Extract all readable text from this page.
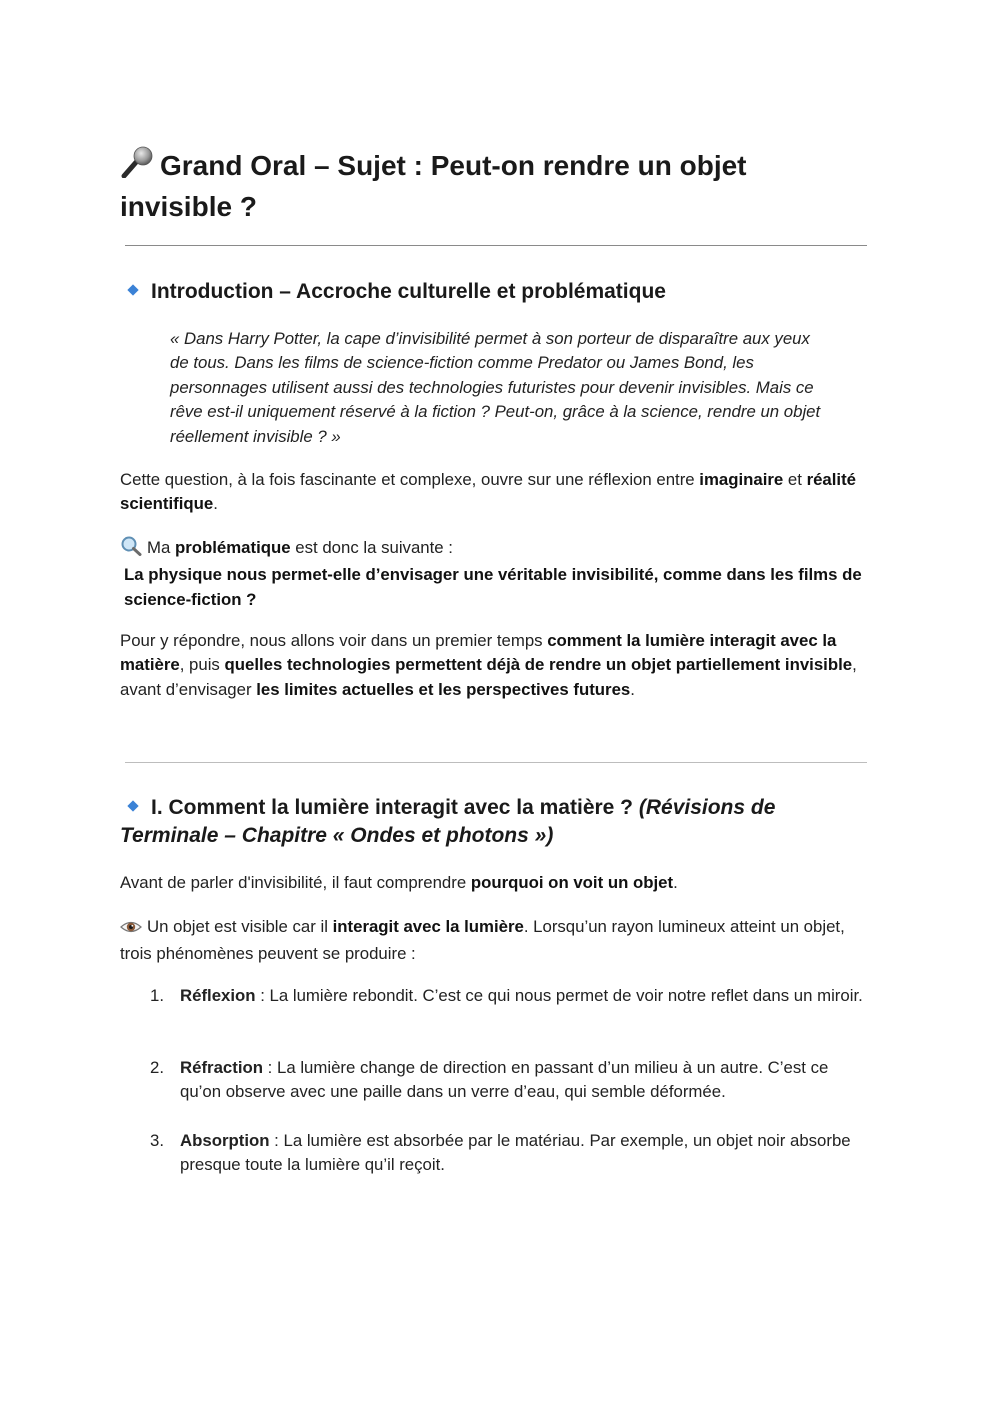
Grand Oral – Sujet : Peut-on rendre un objet invisible ?
Introduction – Accroche culturelle et problématique

« Dans Harry Potter, la cape d’invisibilité permet à son porteur de disparaître aux yeux de tous. Dans les films de science-fiction comme Predator ou James Bond, les personnages utilisent aussi des technologies futuristes pour devenir invisibles. Mais ce rêve est-il uniquement réservé à la fiction ? Peut-on, grâce à la science, rendre un objet réellement invisible ? »

Cette question, à la fois fascinante et complexe, ouvre sur une réflexion entre imaginaire et réalité scientifique.

Ma problématique est donc la suivante :
La physique nous permet-elle d’envisager une véritable invisibilité, comme dans les films de science-fiction ?

Pour y répondre, nous allons voir dans un premier temps comment la lumière interagit avec la matière, puis quelles technologies permettent déjà de rendre un objet partiellement invisible, avant d’envisager les limites actuelles et les perspectives futures.

I. Comment la lumière interagit avec la matière ? (Révisions de Terminale – Chapitre « Ondes et photons »)

Avant de parler d'invisibilité, il faut comprendre pourquoi on voit un objet.

Un objet est visible car il interagit avec la lumière. Lorsqu’un rayon lumineux atteint un objet, trois phénomènes peuvent se produire :

1. Réflexion : La lumière rebondit. C’est ce qui nous permet de voir notre reflet dans un miroir.
2. Réfraction : La lumière change de direction en passant d’un milieu à un autre. C’est ce qu’on observe avec une paille dans un verre d’eau, qui semble déformée.
3. Absorption : La lumière est absorbée par le matériau. Par exemple, un objet noir absorbe presque toute la lumière qu’il reçoit.
